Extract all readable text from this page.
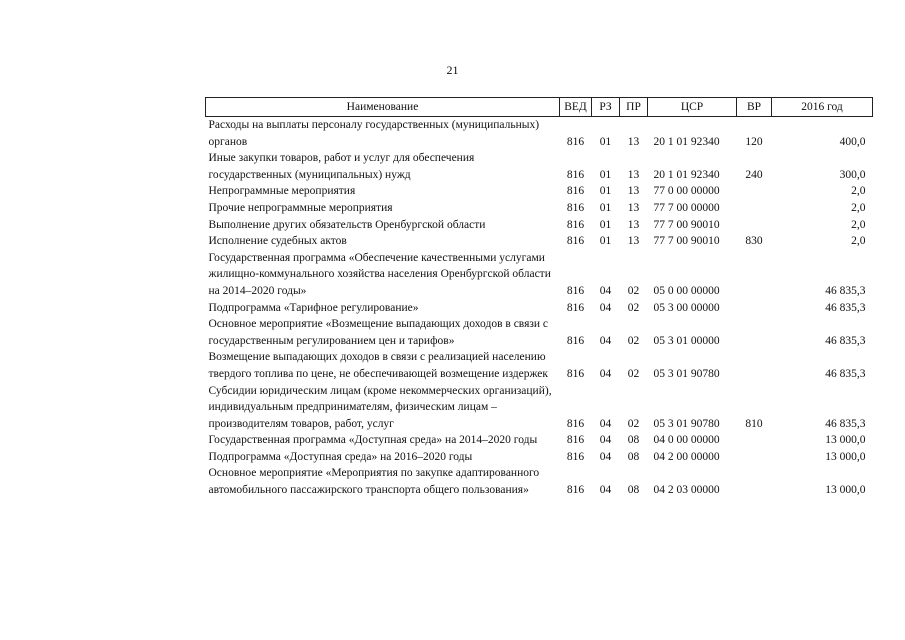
21
Наименование	ВЕД	РЗ	ПР	ЦСР	ВР	2016 год
Расходы на выплаты персоналу государственных (муниципальных) органов	816	01	13	20 1 01 92340	120	400,0
Иные закупки товаров, работ и услуг для обеспечения государственных (муниципальных) нужд	816	01	13	20 1 01 92340	240	300,0
Непрограммные мероприятия	816	01	13	77 0 00 00000		2,0
Прочие непрограммные мероприятия	816	01	13	77 7 00 00000		2,0
Выполнение других обязательств Оренбургской области	816	01	13	77 7 00 90010		2,0
Исполнение судебных актов	816	01	13	77 7 00 90010	830	2,0
Государственная программа «Обеспечение качественными услугами жилищно-коммунального хозяйства населения Оренбургской области на 2014–2020 годы»	816	04	02	05 0 00 00000		46 835,3
Подпрограмма «Тарифное регулирование»	816	04	02	05 3 00 00000		46 835,3
Основное мероприятие «Возмещение выпадающих доходов в связи с государственным регулированием цен и тарифов»	816	04	02	05 3 01 00000		46 835,3
Возмещение выпадающих доходов в связи с реализацией населению твердого топлива по цене, не обеспечивающей возмещение издержек	816	04	02	05 3 01 90780		46 835,3
Субсидии юридическим лицам (кроме некоммерческих организаций), индивидуальным предпринимателям, физическим лицам – производителям товаров, работ, услуг	816	04	02	05 3 01 90780	810	46 835,3
Государственная программа «Доступная среда» на 2014–2020 годы	816	04	08	04 0 00 00000		13 000,0
Подпрограмма «Доступная среда» на 2016–2020 годы	816	04	08	04 2 00 00000		13 000,0
Основное мероприятие «Мероприятия по закупке адаптированного автомобильного пассажирского транспорта общего пользования»	816	04	08	04 2 03 00000		13 000,0
